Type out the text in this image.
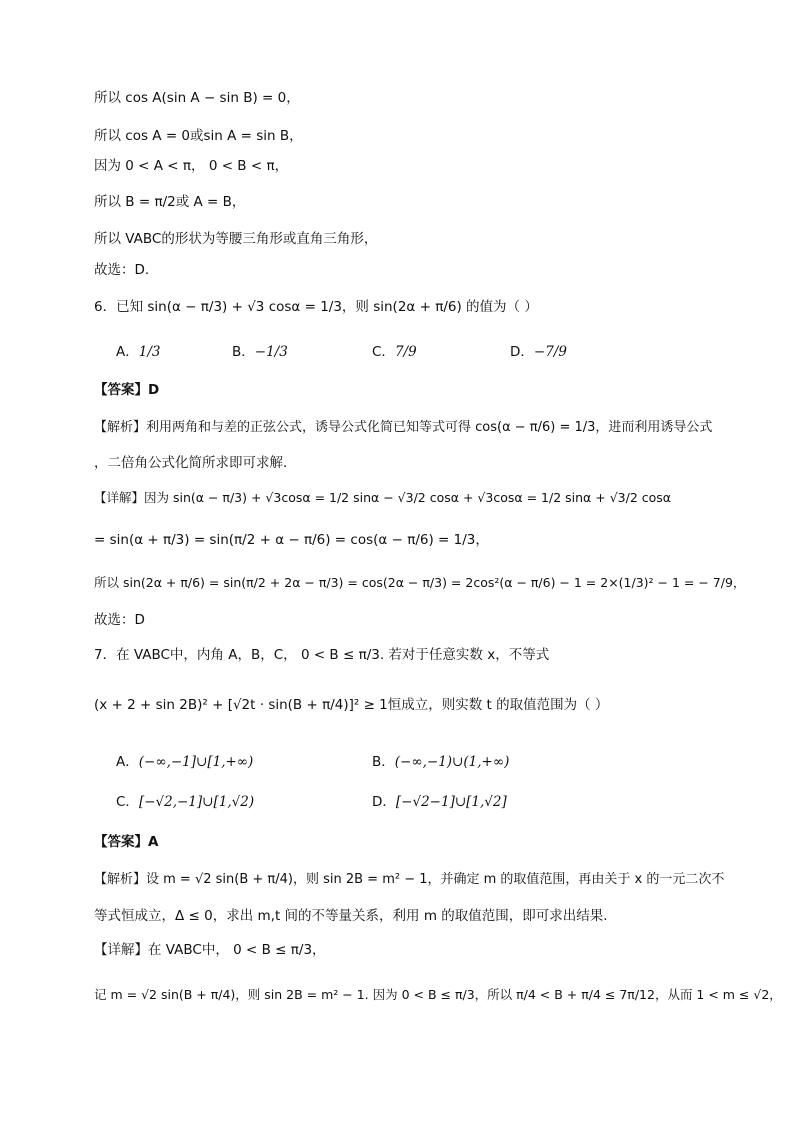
所以 cos A(sin A − sin B) = 0，
所以 cos A = 0或sin A = sin B，
因为 0 < A < π， 0 < B < π，
所以 B = π/2或 A = B，
所以 VABC的形状为等腰三角形或直角三角形，
故选：D.
6．已知 sin(α − π/3) + √3 cosα = 1/3，则 sin(2α + π/6) 的值为（ ）
A．1/3	B．−1/3	C．7/9	D．−7/9
【答案】D
【解析】利用两角和与差的正弦公式，诱导公式化简已知等式可得 cos(α − π/6) = 1/3，进而利用诱导公式
，二倍角公式化简所求即可求解．
【详解】因为 sin(α − π/3) + √3cosα = 1/2 sinα − √3/2 cosα + √3cosα = 1/2 sinα + √3/2 cosα
= sin(α + π/3) = sin(π/2 + α − π/6) = cos(α − π/6) = 1/3，
所以 sin(2α + π/6) = sin(π/2 + 2α − π/3) = cos(2α − π/3) = 2cos²(α − π/6) − 1 = 2×(1/3)² − 1 = − 7/9，
故选：D
7．在 VABC中，内角 A，B，C， 0 < B ≤ π/3. 若对于任意实数 x，不等式
(x + 2 + sin 2B)² + [√2t · sin(B + π/4)]² ≥ 1恒成立，则实数 t 的取值范围为（ ）
A．(−∞,−1]∪[1,+∞)	B．(−∞,−1)∪(1,+∞)
C．[−√2,−1]∪[1,√2)	D．[−√2−1]∪[1,√2]
【答案】A
【解析】设 m = √2 sin(B + π/4)，则 sin 2B = m² − 1，并确定 m 的取值范围，再由关于 x 的一元二次不
等式恒成立，Δ ≤ 0，求出 m,t 间的不等量关系，利用 m 的取值范围，即可求出结果.
【详解】在 VABC中， 0 < B ≤ π/3，
记 m = √2 sin(B + π/4)，则 sin 2B = m² − 1. 因为 0 < B ≤ π/3，所以 π/4 < B + π/4 ≤ 7π/12，从而 1 < m ≤ √2，
